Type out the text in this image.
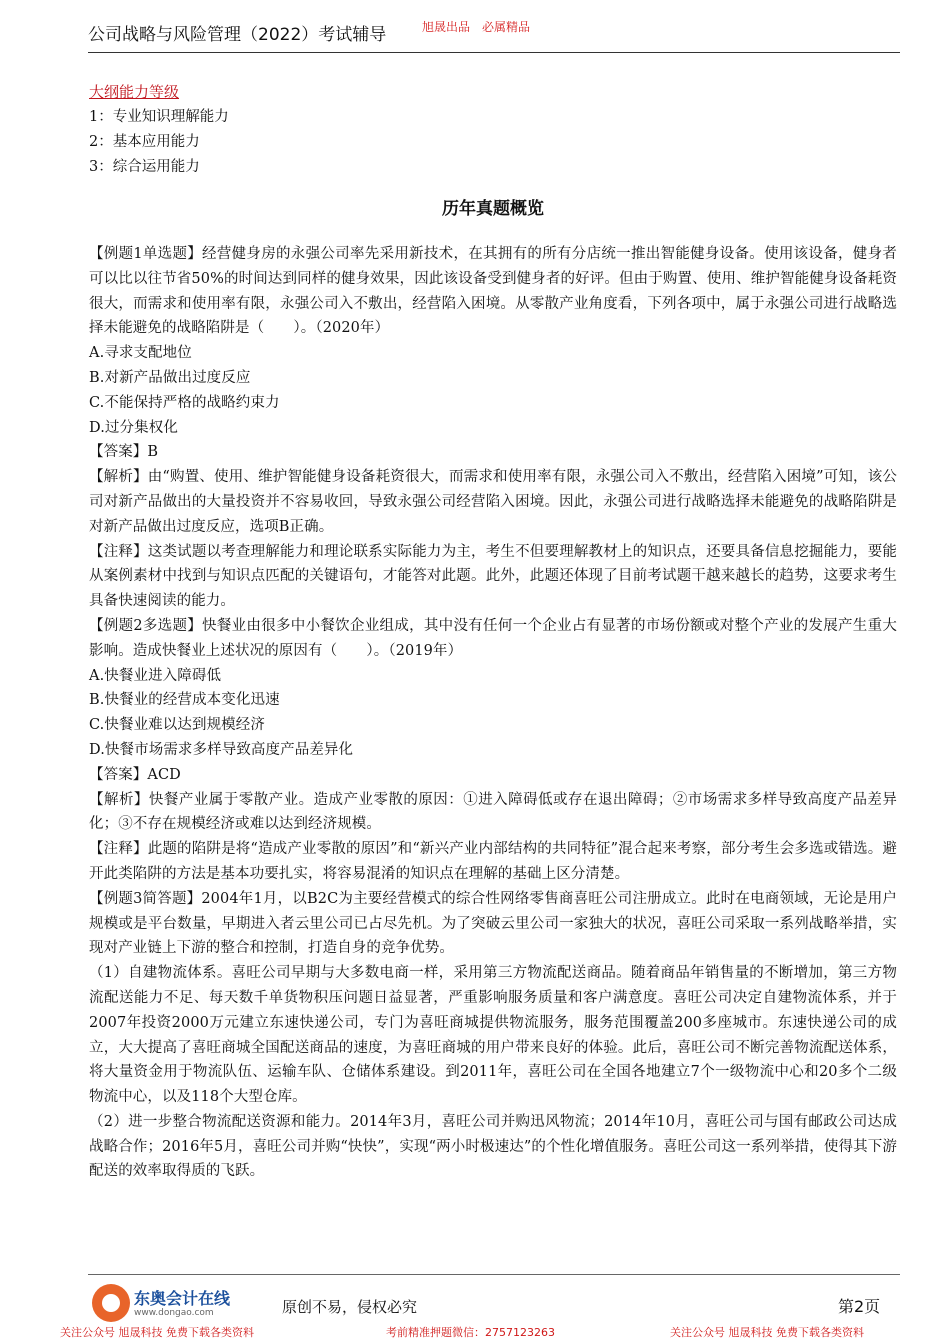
公司战略与风险管理（2022）考试辅导	旭晟出品　必属精品
大纲能力等级
1：专业知识理解能力
2：基本应用能力
3：综合运用能力
历年真题概览
【例题1单选题】经营健身房的永强公司率先采用新技术，在其拥有的所有分店统一推出智能健身设备。使用该设备，健身者可以比以往节省50%的时间达到同样的健身效果，因此该设备受到健身者的好评。但由于购置、使用、维护智能健身设备耗资很大，而需求和使用率有限，永强公司入不敷出，经营陷入困境。从零散产业角度看，下列各项中，属于永强公司进行战略选择未能避免的战略陷阱是（　　）。（2020年）
A.寻求支配地位
B.对新产品做出过度反应
C.不能保持严格的战略约束力
D.过分集权化
【答案】B
【解析】由“购置、使用、维护智能健身设备耗资很大，而需求和使用率有限，永强公司入不敷出，经营陷入困境”可知，该公司对新产品做出的大量投资并不容易收回，导致永强公司经营陷入困境。因此，永强公司进行战略选择未能避免的战略陷阱是对新产品做出过度反应，选项B正确。
【注释】这类试题以考查理解能力和理论联系实际能力为主，考生不但要理解教材上的知识点，还要具备信息挖掘能力，要能从案例素材中找到与知识点匹配的关键语句，才能答对此题。此外，此题还体现了目前考试题干越来越长的趋势，这要求考生具备快速阅读的能力。
【例题2多选题】快餐业由很多中小餐饮企业组成，其中没有任何一个企业占有显著的市场份额或对整个产业的发展产生重大影响。造成快餐业上述状况的原因有（　　）。（2019年）
A.快餐业进入障碍低
B.快餐业的经营成本变化迅速
C.快餐业难以达到规模经济
D.快餐市场需求多样导致高度产品差异化
【答案】ACD
【解析】快餐产业属于零散产业。造成产业零散的原因：①进入障碍低或存在退出障碍；②市场需求多样导致高度产品差异化；③不存在规模经济或难以达到经济规模。
【注释】此题的陷阱是将“造成产业零散的原因”和“新兴产业内部结构的共同特征”混合起来考察，部分考生会多选或错选。避开此类陷阱的方法是基本功要扎实，将容易混淆的知识点在理解的基础上区分清楚。
【例题3简答题】2004年1月，以B2C为主要经营模式的综合性网络零售商喜旺公司注册成立。此时在电商领域，无论是用户规模或是平台数量，早期进入者云里公司已占尽先机。为了突破云里公司一家独大的状况，喜旺公司采取一系列战略举措，实现对产业链上下游的整合和控制，打造自身的竞争优势。
（1）自建物流体系。喜旺公司早期与大多数电商一样，采用第三方物流配送商品。随着商品年销售量的不断增加，第三方物流配送能力不足、每天数千单货物积压问题日益显著，严重影响服务质量和客户满意度。喜旺公司决定自建物流体系，并于2007年投资2000万元建立东速快递公司，专门为喜旺商城提供物流服务，服务范围覆盖200多座城市。东速快递公司的成立，大大提高了喜旺商城全国配送商品的速度，为喜旺商城的用户带来良好的体验。此后，喜旺公司不断完善物流配送体系，将大量资金用于物流队伍、运输车队、仓储体系建设。到2011年，喜旺公司在全国各地建立7个一级物流中心和20多个二级物流中心，以及118个大型仓库。
（2）进一步整合物流配送资源和能力。2014年3月，喜旺公司并购迅风物流；2014年10月，喜旺公司与国有邮政公司达成战略合作；2016年5月，喜旺公司并购“快快”，实现“两小时极速达”的个性化增值服务。喜旺公司这一系列举措，使得其下游配送的效率取得质的飞跃。
东奥会计在线
www.dongao.com	原创不易，侵权必究	第2页
关注公众号 旭晟科技 免费下载各类资料	考前精准押题微信：2757123263	关注公众号 旭晟科技 免费下载各类资料
